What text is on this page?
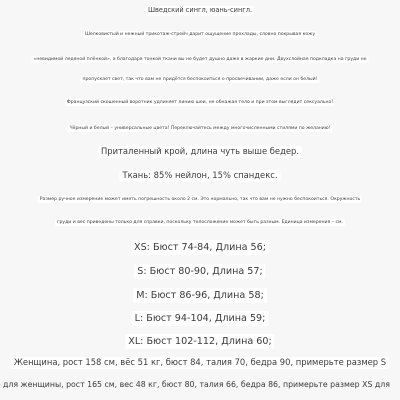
Шведский сингл, юань-сингл.
Шелковистый и нежный трикотаж-стрейч дарит ощущение прохлады, словно покрывая кожу
«невидимой ледяной плёнкой», а благодаря тонкой ткани вы не будет душно даже в жаркие дни. Двухслойная подкладка на груди не
пропускает свет, так что вам не придётся беспокоиться о просвечивании, даже если он белый!
Французский скошенный воротник удлиняет линию шеи, не обнажая тело и при этом выглядит сексуально!
Чёрный и белый – универсальные цвета! Переключайтесь между многочисленными стилями по желанию!
Приталенный крой, длина чуть выше бедер.
Ткань: 85% нейлон, 15% спандекс.
Размер ручное измерение может иметь погрешность около 2 см. Это нормально, так что вам не нужно беспокоиться. Окружность
груди и вес приведены только для справки, поскольку телосложение может быть разным. Единица измерения – см.
XS: Бюст 74-84, Длина 56;
S: Бюст 80-90, Длина 57;
M: Бюст 86-96, Длина 58;
L: Бюст 94-104, Длина 59;
XL: Бюст 102-112, Длина 60;
Женщина, рост 158 см, вёс 51 кг, бюст 84, талия 70, бедра 90, примерьте размер S
для женщины, рост 165 см, вес 48 кг, бюст 80, талия 66, бедра 86, примерьте размер XS для
